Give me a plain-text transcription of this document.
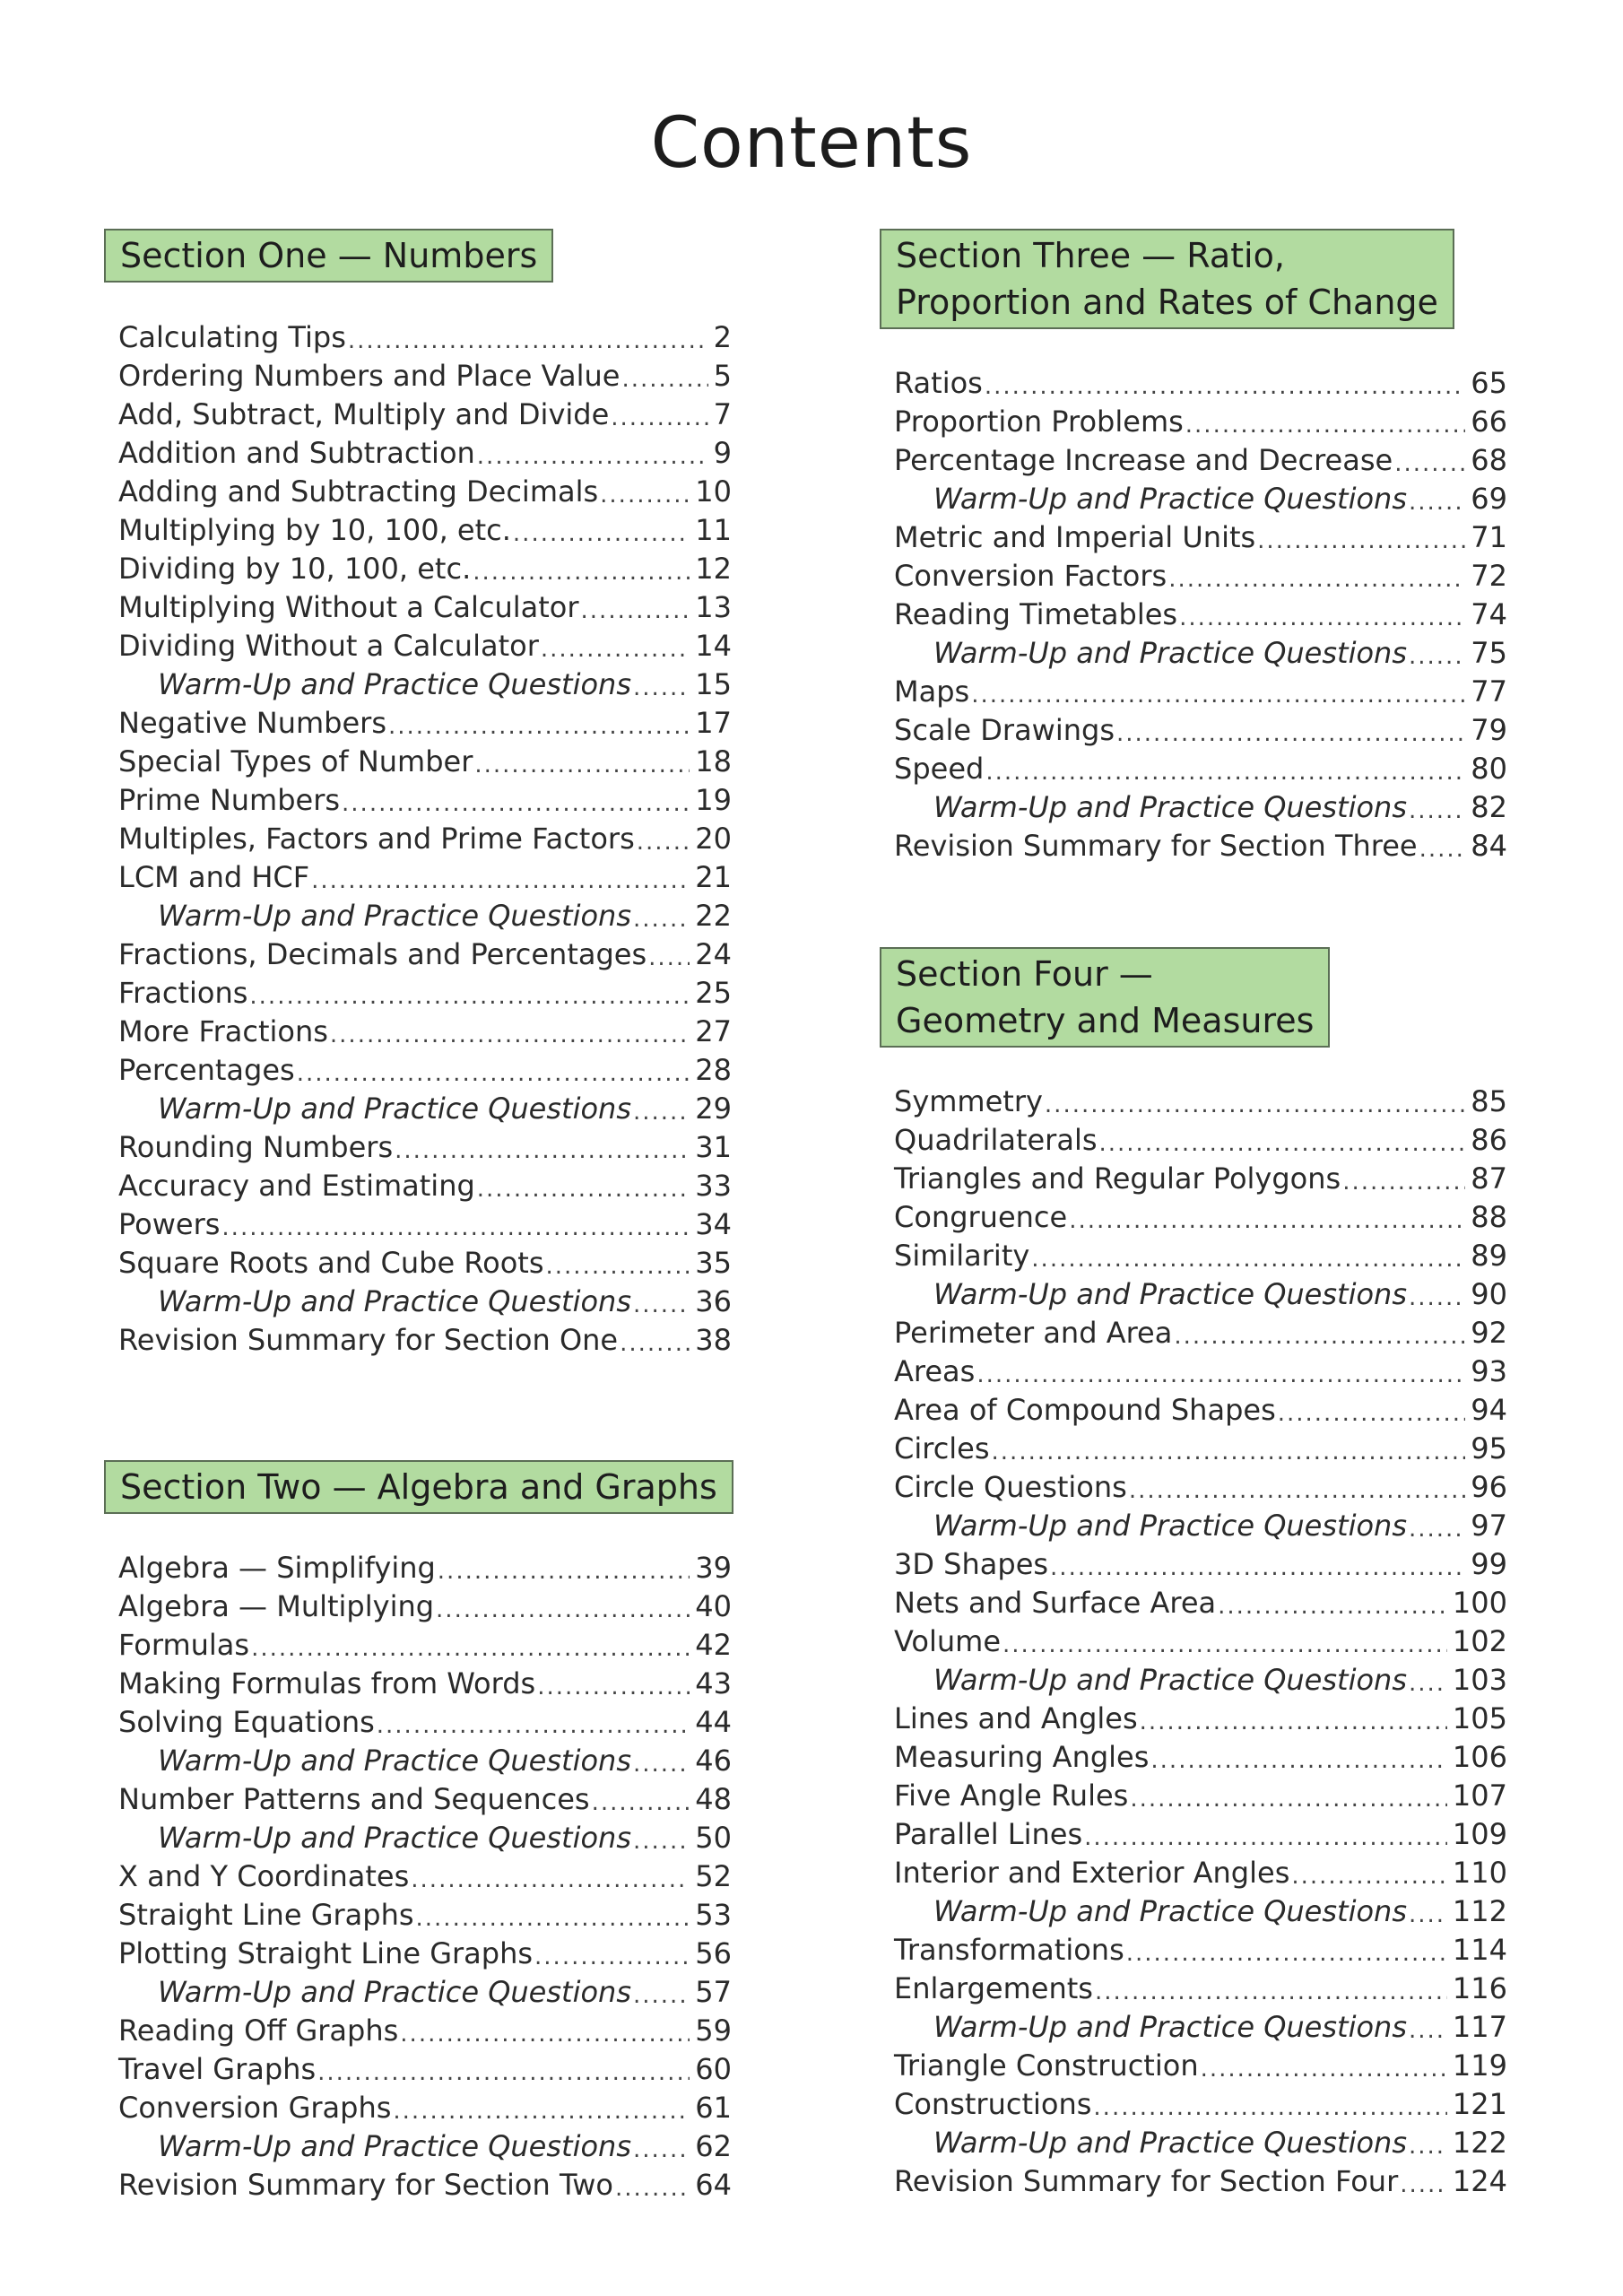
Contents
Section One — Numbers
Calculating Tips .....	2
Ordering Numbers and Place Value .....	5
Add, Subtract, Multiply and Divide .....	7
Addition and Subtraction .....	9
Adding and Subtracting Decimals .....	10
Multiplying by 10, 100, etc. .....	11
Dividing by 10, 100, etc. .....	12
Multiplying Without a Calculator .....	13
Dividing Without a Calculator .....	14
Warm-Up and Practice Questions ..... 15
Negative Numbers .....	17
Special Types of Number .....	18
Prime Numbers .....	19
Multiples, Factors and Prime Factors ..... 20
LCM and HCF .....	21
Warm-Up and Practice Questions ..... 22
Fractions, Decimals and Percentages ..... 24
Fractions .....	25
More Fractions .....	27
Percentages .....	28
Warm-Up and Practice Questions ..... 29
Rounding Numbers .....	31
Accuracy and Estimating .....	33
Powers .....	34
Square Roots and Cube Roots .....	35
Warm-Up and Practice Questions ..... 36
Revision Summary for Section One .....	38
Section Two — Algebra and Graphs
Algebra — Simplifying .....	39
Algebra — Multiplying .....	40
Formulas .....	42
Making Formulas from Words .....	43
Solving Equations .....	44
Warm-Up and Practice Questions ..... 46
Number Patterns and Sequences .....	48
Warm-Up and Practice Questions ..... 50
X and Y Coordinates .....	52
Straight Line Graphs .....	53
Plotting Straight Line Graphs .....	56
Warm-Up and Practice Questions ..... 57
Reading Off Graphs .....	59
Travel Graphs .....	60
Conversion Graphs .....	61
Warm-Up and Practice Questions ..... 62
Revision Summary for Section Two .....	64
Section Three — Ratio,
Proportion and Rates of Change
Ratios .....	65
Proportion Problems .....	66
Percentage Increase and Decrease .....	68
Warm-Up and Practice Questions ..... 69
Metric and Imperial Units .....	71
Conversion Factors .....	72
Reading Timetables .....	74
Warm-Up and Practice Questions ..... 75
Maps .....	77
Scale Drawings .....	79
Speed .....	80
Warm-Up and Practice Questions ..... 82
Revision Summary for Section Three ..... 84
Section Four —
Geometry and Measures
Symmetry .....	85
Quadrilaterals .....	86
Triangles and Regular Polygons .....	87
Congruence .....	88
Similarity .....	89
Warm-Up and Practice Questions ..... 90
Perimeter and Area .....	92
Areas .....	93
Area of Compound Shapes .....	94
Circles .....	95
Circle Questions .....	96
Warm-Up and Practice Questions ..... 97
3D Shapes .....	99
Nets and Surface Area .....	100
Volume .....	102
Warm-Up and Practice Questions ..... 103
Lines and Angles .....	105
Measuring Angles .....	106
Five Angle Rules .....	107
Parallel Lines .....	109
Interior and Exterior Angles .....	110
Warm-Up and Practice Questions ..... 112
Transformations .....	114
Enlargements .....	116
Warm-Up and Practice Questions ..... 117
Triangle Construction .....	119
Constructions .....	121
Warm-Up and Practice Questions ..... 122
Revision Summary for Section Four ..... 124
